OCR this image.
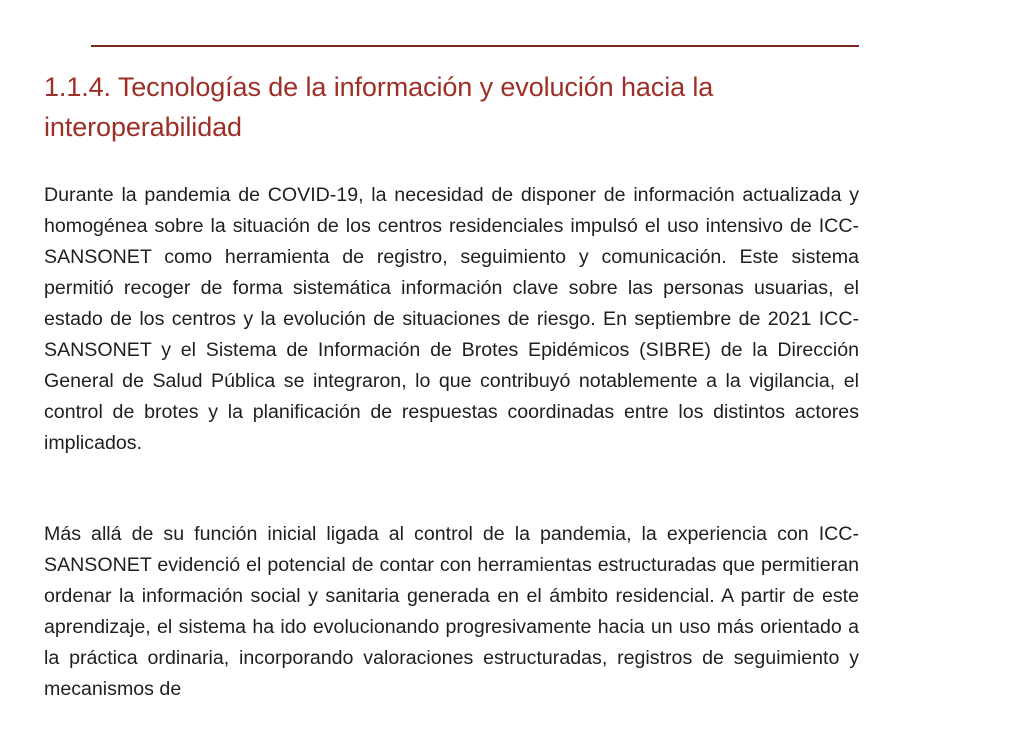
1.1.4. Tecnologías de la información y evolución hacia la interoperabilidad

Durante la pandemia de COVID-19, la necesidad de disponer de información actualizada y homogénea sobre la situación de los centros residenciales impulsó el uso intensivo de ICC-SANSONET como herramienta de registro, seguimiento y comunicación. Este sistema permitió recoger de forma sistemática información clave sobre las personas usuarias, el estado de los centros y la evolución de situaciones de riesgo. En septiembre de 2021 ICC-SANSONET y el Sistema de Información de Brotes Epidémicos (SIBRE) de la Dirección General de Salud Pública se integraron, lo que contribuyó notablemente a la vigilancia, el control de brotes y la planificación de respuestas coordinadas entre los distintos actores implicados.

Más allá de su función inicial ligada al control de la pandemia, la experiencia con ICC-SANSONET evidenció el potencial de contar con herramientas estructuradas que permitieran ordenar la información social y sanitaria generada en el ámbito residencial. A partir de este aprendizaje, el sistema ha ido evolucionando progresivamente hacia un uso más orientado a la práctica ordinaria, incorporando valoraciones estructuradas, registros de seguimiento y mecanismos de
